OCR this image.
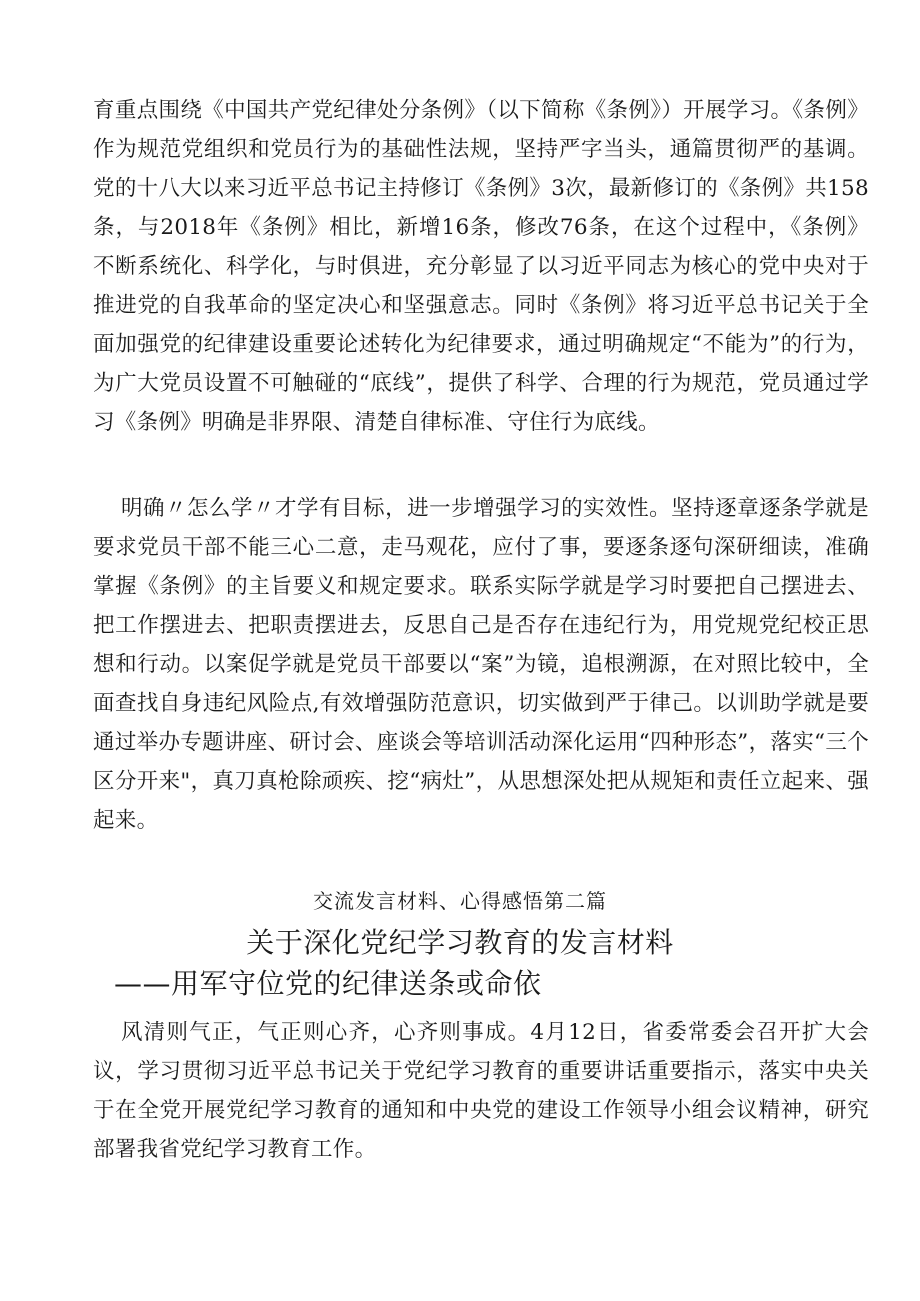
育重点围绕《中国共产党纪律处分条例》（以下简称《条例》）开展学习。《条例》作为规范党组织和党员行为的基础性法规，坚持严字当头，通篇贯彻严的基调。党的十八大以来习近平总书记主持修订《条例》3次，最新修订的《条例》共158条，与2018年《条例》相比，新增16条，修改76条，在这个过程中，《条例》不断系统化、科学化，与时俱进，充分彰显了以习近平同志为核心的党中央对于推进党的自我革命的坚定决心和坚强意志。同时《条例》将习近平总书记关于全面加强党的纪律建设重要论述转化为纪律要求，通过明确规定“不能为”的行为，为广大党员设置不可触碰的“底线”，提供了科学、合理的行为规范，党员通过学习《条例》明确是非界限、清楚自律标准、守住行为底线。

明确〃怎么学〃才学有目标，进一步增强学习的实效性。坚持逐章逐条学就是要求党员干部不能三心二意，走马观花，应付了事，要逐条逐句深研细读，准确掌握《条例》的主旨要义和规定要求。联系实际学就是学习时要把自己摆进去、把工作摆进去、把职责摆进去，反思自己是否存在违纪行为，用党规党纪校正思想和行动。以案促学就是党员干部要以“案”为镜，追根溯源，在对照比较中，全面查找自身违纪风险点,有效增强防范意识，切实做到严于律己。以训助学就是要通过举办专题讲座、研讨会、座谈会等培训活动深化运用“四种形态”，落实“三个区分开来"，真刀真枪除顽疾、挖“病灶”，从思想深处把从规矩和责任立起来、强起来。

交流发言材料、心得感悟第二篇

关于深化党纪学习教育的发言材料
——用军守位党的纪律送条或命依

风清则气正，气正则心齐，心齐则事成。4月12日，省委常委会召开扩大会议，学习贯彻习近平总书记关于党纪学习教育的重要讲话重要指示，落实中央关于在全党开展党纪学习教育的通知和中央党的建设工作领导小组会议精神，研究部署我省党纪学习教育工作。
